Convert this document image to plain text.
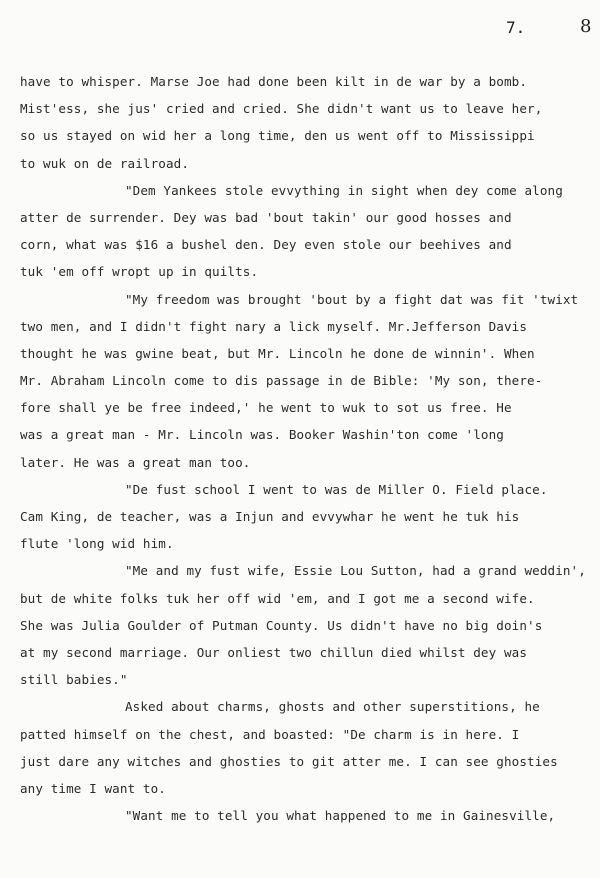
7.	8
have to whisper. Marse Joe had done been kilt in de war by a bomb.
Mist'ess, she jus' cried and cried. She didn't want us to leave her,
so us stayed on wid her a long time, den us went off to Mississippi
to wuk on de railroad.
"Dem Yankees stole evvything in sight when dey come along
atter de surrender. Dey was bad 'bout takin' our good hosses and
corn, what was $16 a bushel den. Dey even stole our beehives and
tuk 'em off wropt up in quilts.
"My freedom was brought 'bout by a fight dat was fit 'twixt
two men, and I didn't fight nary a lick myself. Mr.Jefferson Davis
thought he was gwine beat, but Mr. Lincoln he done de winnin'. When
Mr. Abraham Lincoln come to dis passage in de Bible: 'My son, there-
fore shall ye be free indeed,' he went to wuk to sot us free. He
was a great man - Mr. Lincoln was. Booker Washin'ton come 'long
later. He was a great man too.
"De fust school I went to was de Miller O. Field place.
Cam King, de teacher, was a Injun and evvywhar he went he tuk his
flute 'long wid him.
"Me and my fust wife, Essie Lou Sutton, had a grand weddin',
but de white folks tuk her off wid 'em, and I got me a second wife.
She was Julia Goulder of Putman County. Us didn't have no big doin's
at my second marriage. Our onliest two chillun died whilst dey was
still babies."
Asked about charms, ghosts and other superstitions, he
patted himself on the chest, and boasted: "De charm is in here. I
just dare any witches and ghosties to git atter me. I can see ghosties
any time I want to.
"Want me to tell you what happened to me in Gainesville,
